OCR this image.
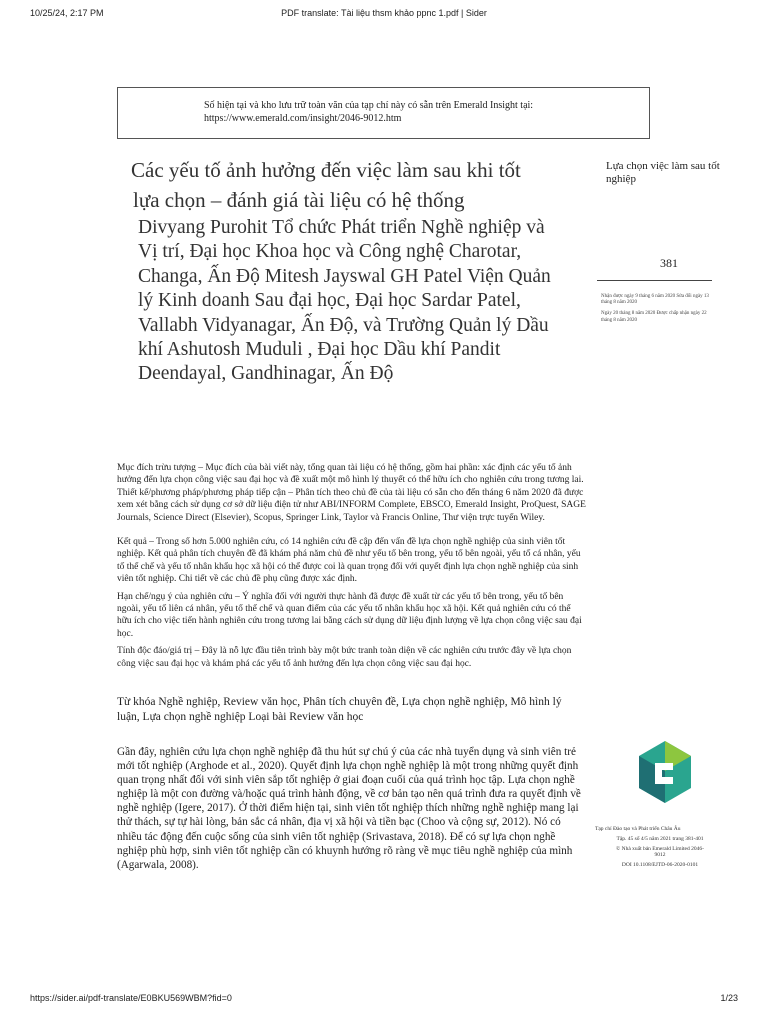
10/25/24, 2:17 PM	PDF translate: Tài liệu thsm khảo ppnc 1.pdf | Sider
Số hiện tại và kho lưu trữ toàn văn của tạp chí này có sẵn trên Emerald Insight tại: https://www.emerald.com/insight/2046-9012.htm
Các yếu tố ảnh hưởng đến việc làm sau khi tốt
lựa chọn – đánh giá tài liệu có hệ thống
Divyang Purohit Tổ chức Phát triển Nghề nghiệp và Vị trí, Đại học Khoa học và Công nghệ Charotar, Changa, Ấn Độ Mitesh Jayswal GH Patel Viện Quản lý Kinh doanh Sau đại học, Đại học Sardar Patel, Vallabh Vidyanagar, Ấn Độ, và Trường Quản lý Dầu khí Ashutosh Muduli , Đại học Dầu khí Pandit Deendayal, Gandhinagar, Ấn Độ
Lựa chọn việc làm sau tốt nghiệp
381

Nhận được ngày 9 tháng 6 năm 2020 Sửa đổi ngày 13 tháng 8 năm 2020

Ngày 20 tháng 8 năm 2020 Được chấp nhận ngày 22 tháng 8 năm 2020

Mục đích trừu tượng – Mục đích của bài viết này, tổng quan tài liệu có hệ thống, gồm hai phần: xác định các yếu tố ảnh hưởng đến lựa chọn công việc sau đại học và đề xuất một mô hình lý thuyết có thể hữu ích cho nghiên cứu trong tương lai. Thiết kế/phương pháp/phương pháp tiếp cận – Phân tích theo chủ đề của tài liệu có sẵn cho đến tháng 6 năm 2020 đã được xem xét bằng cách sử dụng cơ sở dữ liệu điện tử như ABI/INFORM Complete, EBSCO, Emerald Insight, ProQuest, SAGE Journals, Science Direct (Elsevier), Scopus, Springer Link, Taylor và Francis Online, Thư viện trực tuyến Wiley.

Kết quả – Trong số hơn 5.000 nghiên cứu, có 14 nghiên cứu đề cập đến vấn đề lựa chọn nghề nghiệp của sinh viên tốt nghiệp. Kết quả phân tích chuyên đề đã khám phá năm chủ đề như yếu tố bên trong, yếu tố bên ngoài, yếu tố cá nhân, yếu tố thể chế và yếu tố nhân khẩu học xã hội có thể được coi là quan trọng đối với quyết định lựa chọn nghề nghiệp của sinh viên tốt nghiệp. Chi tiết về các chủ đề phụ cũng được xác định.

Hạn chế/ngụ ý của nghiên cứu – Ý nghĩa đối với người thực hành đã được đề xuất từ các yếu tố bên trong, yếu tố bên ngoài, yếu tố liên cá nhân, yếu tố thể chế và quan điểm của các yếu tố nhân khẩu học xã hội. Kết quả nghiên cứu có thể hữu ích cho việc tiến hành nghiên cứu trong tương lai bằng cách sử dụng dữ liệu định lượng về lựa chọn công việc sau đại học.

Tính độc đáo/giá trị – Đây là nỗ lực đầu tiên trình bày một bức tranh toàn diện về các nghiên cứu trước đây về lựa chọn công việc sau đại học và khám phá các yếu tố ảnh hưởng đến lựa chọn công việc sau đại học.

Từ khóa Nghề nghiệp, Review văn học, Phân tích chuyên đề, Lựa chọn nghề nghiệp, Mô hình lý luận, Lựa chọn nghề nghiệp Loại bài Review văn học
Gần đây, nghiên cứu lựa chọn nghề nghiệp đã thu hút sự chú ý của các nhà tuyển dụng và sinh viên trẻ mới tốt nghiệp (Arghode et al., 2020). Quyết định lựa chọn nghề nghiệp là một trong những quyết định quan trọng nhất đối với sinh viên sắp tốt nghiệp ở giai đoạn cuối của quá trình học tập. Lựa chọn nghề nghiệp là một con đường và/hoặc quá trình hành động, về cơ bản tạo nên quá trình đưa ra quyết định về nghề nghiệp (Igere, 2017). Ở thời điểm hiện tại, sinh viên tốt nghiệp thích những nghề nghiệp mang lại thử thách, sự tự hài lòng, bản sắc cá nhân, địa vị xã hội và tiền bạc (Choo và cộng sự, 2012). Nó có nhiều tác động đến cuộc sống của sinh viên tốt nghiệp (Srivastava, 2018). Để có sự lựa chọn nghề nghiệp phù hợp, sinh viên tốt nghiệp cần có khuynh hướng rõ ràng về mục tiêu nghề nghiệp của mình (Agarwala, 2008).
Tạp chí Đào tạo và Phát triển Châu Âu
Tập. 45 số 4/5 năm 2021 trang 381-401
© Nhà xuất bản Emerald Limited 2046-9012
DOI 10.1108/EJTD-06-2020-0101
https://sider.ai/pdf-translate/E0BKU569WBM?fid=0	1/23
